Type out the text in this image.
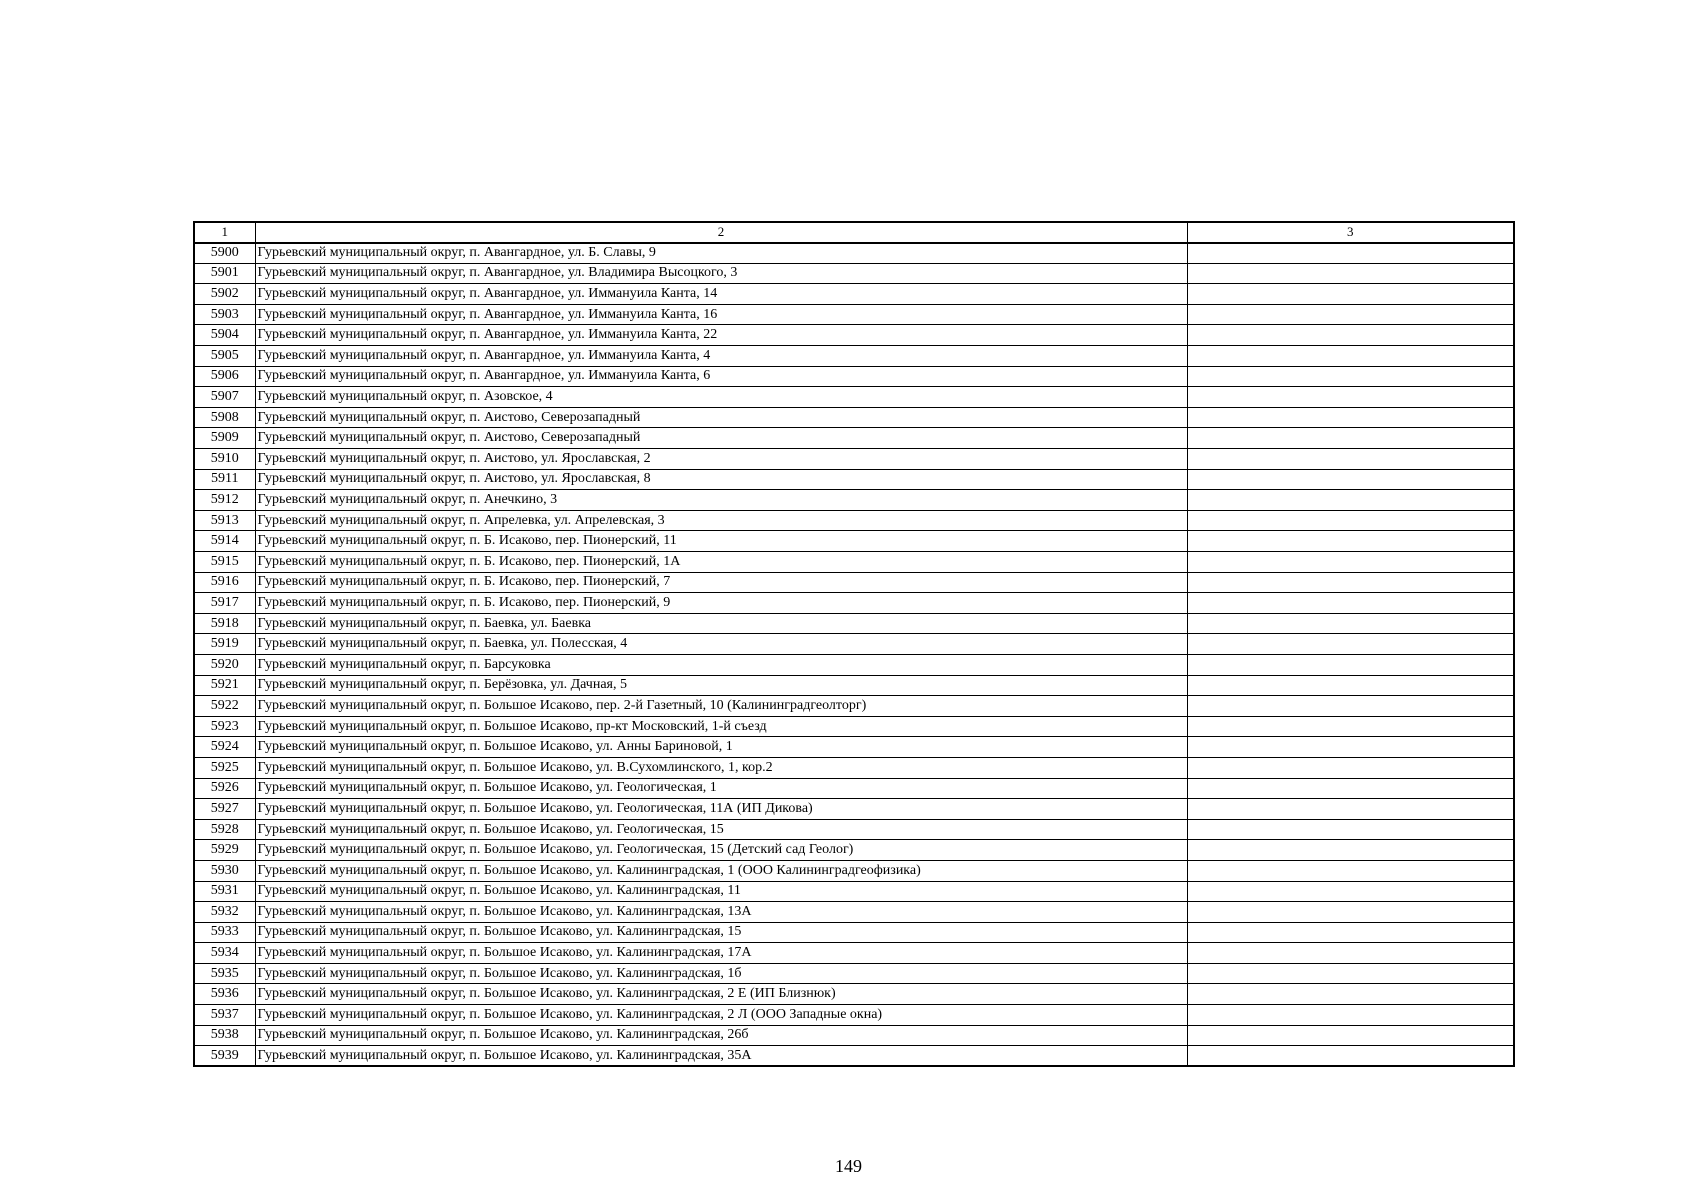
1	2	3
5900	Гурьевский муниципальный округ, п. Авангардное, ул. Б. Славы, 9	
5901	Гурьевский муниципальный округ, п. Авангардное, ул. Владимира Высоцкого, 3	
5902	Гурьевский муниципальный округ, п. Авангардное, ул. Иммануила Канта, 14	
5903	Гурьевский муниципальный округ, п. Авангардное, ул. Иммануила Канта, 16	
5904	Гурьевский муниципальный округ, п. Авангардное, ул. Иммануила Канта, 22	
5905	Гурьевский муниципальный округ, п. Авангардное, ул. Иммануила Канта, 4	
5906	Гурьевский муниципальный округ, п. Авангардное, ул. Иммануила Канта, 6	
5907	Гурьевский муниципальный округ, п. Азовское, 4	
5908	Гурьевский муниципальный округ, п. Аистово, Северозападный	
5909	Гурьевский муниципальный округ, п. Аистово, Северозападный	
5910	Гурьевский муниципальный округ, п. Аистово, ул. Ярославская, 2	
5911	Гурьевский муниципальный округ, п. Аистово, ул. Ярославская, 8	
5912	Гурьевский муниципальный округ, п. Анечкино, 3	
5913	Гурьевский муниципальный округ, п. Апрелевка, ул. Апрелевская, 3	
5914	Гурьевский муниципальный округ, п. Б. Исаково, пер. Пионерский, 11	
5915	Гурьевский муниципальный округ, п. Б. Исаково, пер. Пионерский, 1А	
5916	Гурьевский муниципальный округ, п. Б. Исаково, пер. Пионерский, 7	
5917	Гурьевский муниципальный округ, п. Б. Исаково, пер. Пионерский, 9	
5918	Гурьевский муниципальный округ, п. Баевка, ул. Баевка	
5919	Гурьевский муниципальный округ, п. Баевка, ул. Полесская, 4	
5920	Гурьевский муниципальный округ, п. Барсуковка	
5921	Гурьевский муниципальный округ, п. Берёзовка, ул. Дачная, 5	
5922	Гурьевский муниципальный округ, п. Большое Исаково, пер. 2-й Газетный, 10 (Калининградгеолторг)	
5923	Гурьевский муниципальный округ, п. Большое Исаково, пр-кт Московский, 1-й съезд	
5924	Гурьевский муниципальный округ, п. Большое Исаково, ул. Анны Бариновой, 1	
5925	Гурьевский муниципальный округ, п. Большое Исаково, ул. В.Сухомлинского, 1, кор.2	
5926	Гурьевский муниципальный округ, п. Большое Исаково, ул. Геологическая, 1	
5927	Гурьевский муниципальный округ, п. Большое Исаково, ул. Геологическая, 11А (ИП Дикова)	
5928	Гурьевский муниципальный округ, п. Большое Исаково, ул. Геологическая, 15	
5929	Гурьевский муниципальный округ, п. Большое Исаково, ул. Геологическая, 15 (Детский сад Геолог)	
5930	Гурьевский муниципальный округ, п. Большое Исаково, ул. Калининградская, 1 (ООО Калининградгеофизика)	
5931	Гурьевский муниципальный округ, п. Большое Исаково, ул. Калининградская, 11	
5932	Гурьевский муниципальный округ, п. Большое Исаково, ул. Калининградская, 13А	
5933	Гурьевский муниципальный округ, п. Большое Исаково, ул. Калининградская, 15	
5934	Гурьевский муниципальный округ, п. Большое Исаково, ул. Калининградская, 17А	
5935	Гурьевский муниципальный округ, п. Большое Исаково, ул. Калининградская, 1б	
5936	Гурьевский муниципальный округ, п. Большое Исаково, ул. Калининградская, 2 Е (ИП Близнюк)	
5937	Гурьевский муниципальный округ, п. Большое Исаково, ул. Калининградская, 2 Л (ООО Западные окна)	
5938	Гурьевский муниципальный округ, п. Большое Исаково, ул. Калининградская, 26б	
5939	Гурьевский муниципальный округ, п. Большое Исаково, ул. Калининградская, 35А	
149
